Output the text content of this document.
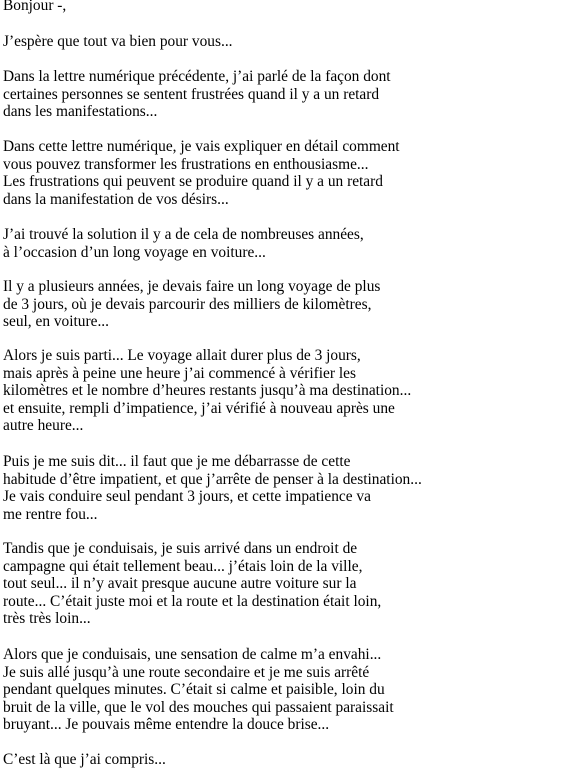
Bonjour -,

J’espère que tout va bien pour vous...

Dans la lettre numérique précédente, j’ai parlé de la façon dont
certaines personnes se sentent frustrées quand il y a un retard
dans les manifestations...

Dans cette lettre numérique, je vais expliquer en détail comment
vous pouvez transformer les frustrations en enthousiasme...
Les frustrations qui peuvent se produire quand il y a un retard
dans la manifestation de vos désirs...

J’ai trouvé la solution il y a de cela de nombreuses années,
à l’occasion d’un long voyage en voiture...

Il y a plusieurs années, je devais faire un long voyage de plus
de 3 jours, où je devais parcourir des milliers de kilomètres,
seul, en voiture...

Alors je suis parti... Le voyage allait durer plus de 3 jours,
mais après à peine une heure j’ai commencé à vérifier les
kilomètres et le nombre d’heures restants jusqu’à ma destination...
et ensuite, rempli d’impatience, j’ai vérifié à nouveau après une
autre heure...

Puis je me suis dit... il faut que je me débarrasse de cette
habitude d’être impatient, et que j’arrête de penser à la destination...
Je vais conduire seul pendant 3 jours, et cette impatience va
me rentre fou...

Tandis que je conduisais, je suis arrivé dans un endroit de
campagne qui était tellement beau... j’étais loin de la ville,
tout seul... il n’y avait presque aucune autre voiture sur la
route... C’était juste moi et la route et la destination était loin,
très très loin...

Alors que je conduisais, une sensation de calme m’a envahi...
Je suis allé jusqu’à une route secondaire et je me suis arrêté
pendant quelques minutes. C’était si calme et paisible, loin du
bruit de la ville, que le vol des mouches qui passaient paraissait
bruyant... Je pouvais même entendre la douce brise...

C’est là que j’ai compris...
